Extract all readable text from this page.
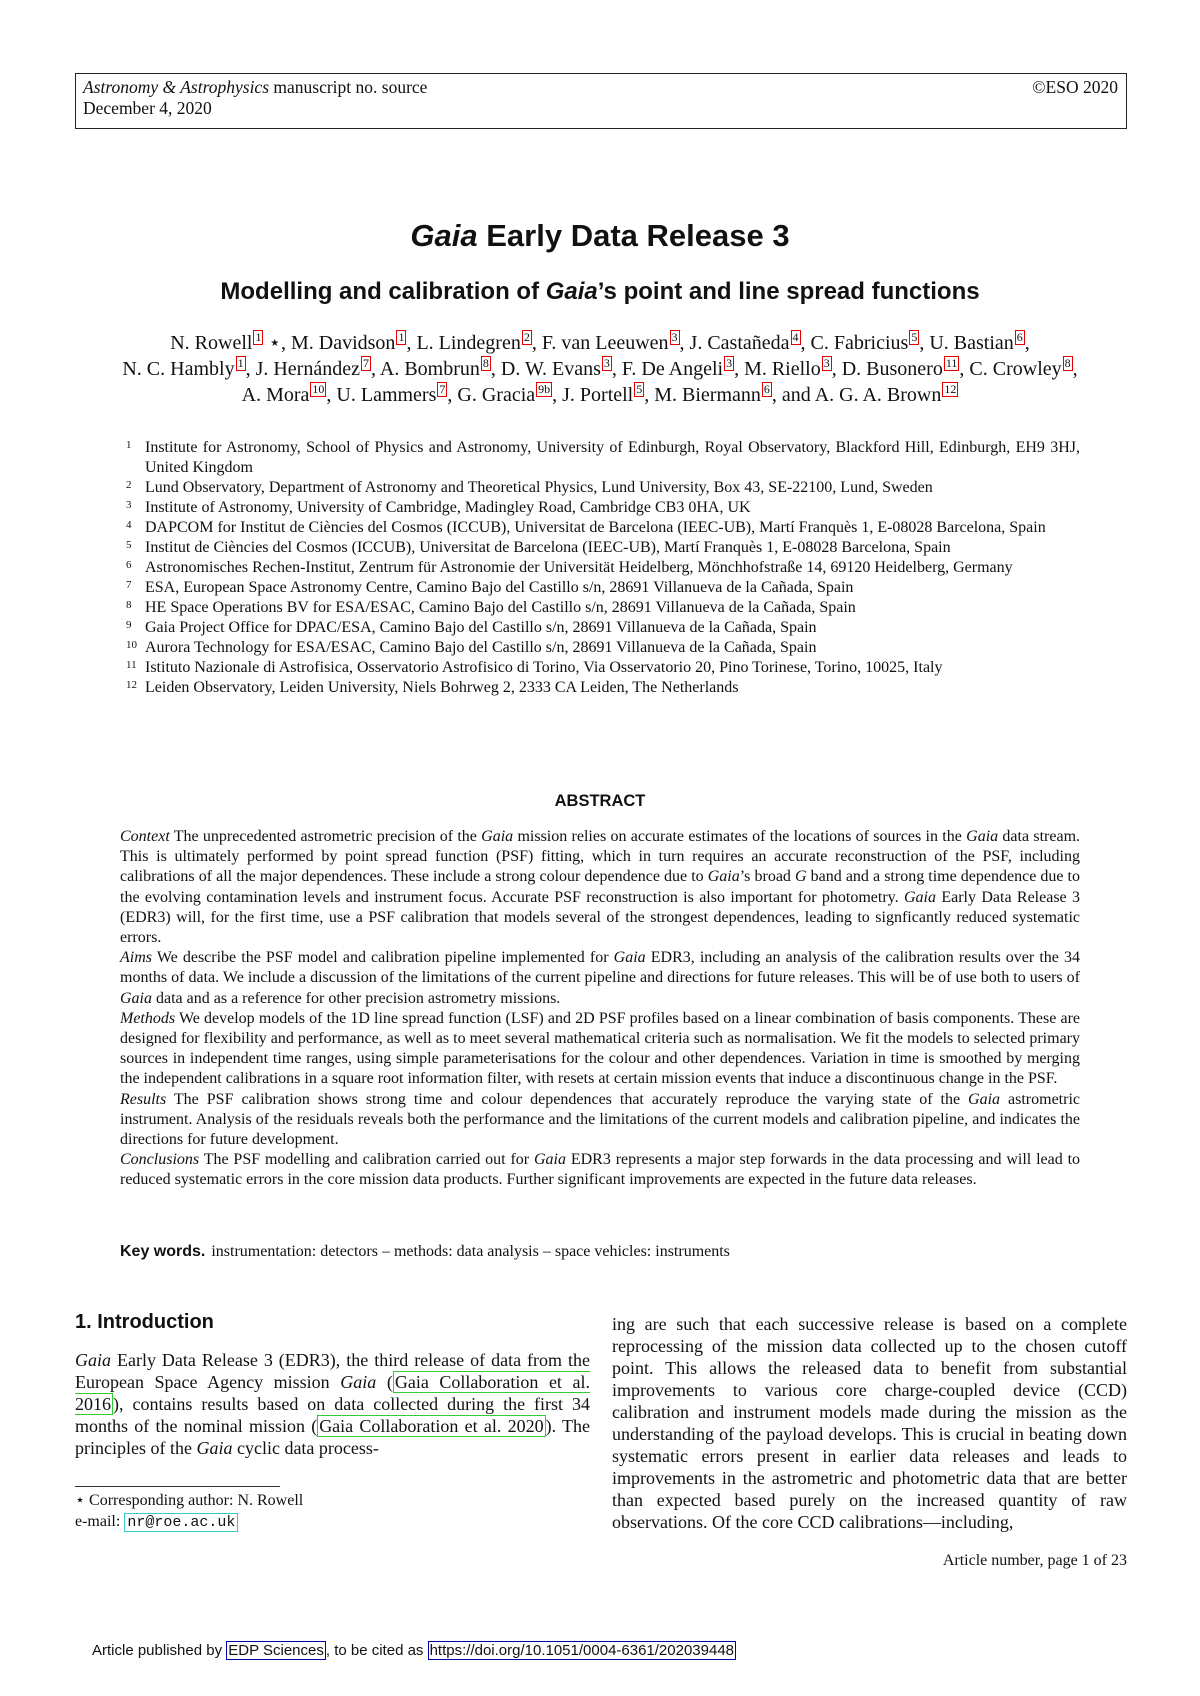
Astronomy & Astrophysics manuscript no. source
December 4, 2020
©ESO 2020
Gaia Early Data Release 3
Modelling and calibration of Gaia’s point and line spread functions
N. Rowell 1 ⋆, M. Davidson 1 , L. Lindegren 2 , F. van Leeuwen 3 , J. Castañeda 4 , C. Fabricius 5 , U. Bastian 6 ,
N. C. Hambly 1 , J. Hernández 7 , A. Bombrun 8 , D. W. Evans 3 , F. De Angeli 3 , M. Riello 3 , D. Busonero 11 , C. Crowley 8 ,
A. Mora 10 , U. Lammers 7 , G. Gracia 9b , J. Portell 5 , M. Biermann 6 , and A. G. A. Brown 12
1 Institute for Astronomy, School of Physics and Astronomy, University of Edinburgh, Royal Observatory, Blackford Hill, Edinburgh, EH9 3HJ, United Kingdom
2 Lund Observatory, Department of Astronomy and Theoretical Physics, Lund University, Box 43, SE-22100, Lund, Sweden
3 Institute of Astronomy, University of Cambridge, Madingley Road, Cambridge CB3 0HA, UK
4 DAPCOM for Institut de Ciències del Cosmos (ICCUB), Universitat de Barcelona (IEEC-UB), Martí Franquès 1, E-08028 Barcelona, Spain
5 Institut de Ciències del Cosmos (ICCUB), Universitat de Barcelona (IEEC-UB), Martí Franquès 1, E-08028 Barcelona, Spain
6 Astronomisches Rechen-Institut, Zentrum für Astronomie der Universität Heidelberg, Mönchhofstraße 14, 69120 Heidelberg, Germany
7 ESA, European Space Astronomy Centre, Camino Bajo del Castillo s/n, 28691 Villanueva de la Cañada, Spain
8 HE Space Operations BV for ESA/ESAC, Camino Bajo del Castillo s/n, 28691 Villanueva de la Cañada, Spain
9 Gaia Project Office for DPAC/ESA, Camino Bajo del Castillo s/n, 28691 Villanueva de la Cañada, Spain
10 Aurora Technology for ESA/ESAC, Camino Bajo del Castillo s/n, 28691 Villanueva de la Cañada, Spain
11 Istituto Nazionale di Astrofisica, Osservatorio Astrofisico di Torino, Via Osservatorio 20, Pino Torinese, Torino, 10025, Italy
12 Leiden Observatory, Leiden University, Niels Bohrweg 2, 2333 CA Leiden, The Netherlands
ABSTRACT

Context The unprecedented astrometric precision of the Gaia mission relies on accurate estimates of the locations of sources in the Gaia data stream. This is ultimately performed by point spread function (PSF) fitting, which in turn requires an accurate reconstruction of the PSF, including calibrations of all the major dependences. These include a strong colour dependence due to Gaia’s broad G band and a strong time dependence due to the evolving contamination levels and instrument focus. Accurate PSF reconstruction is also important for photometry. Gaia Early Data Release 3 (EDR3) will, for the first time, use a PSF calibration that models several of the strongest dependences, leading to signficantly reduced systematic errors.

Aims We describe the PSF model and calibration pipeline implemented for Gaia EDR3, including an analysis of the calibration results over the 34 months of data. We include a discussion of the limitations of the current pipeline and directions for future releases. This will be of use both to users of Gaia data and as a reference for other precision astrometry missions.

Methods We develop models of the 1D line spread function (LSF) and 2D PSF profiles based on a linear combination of basis components. These are designed for flexibility and performance, as well as to meet several mathematical criteria such as normalisation. We fit the models to selected primary sources in independent time ranges, using simple parameterisations for the colour and other dependences. Variation in time is smoothed by merging the independent calibrations in a square root information filter, with resets at certain mission events that induce a discontinuous change in the PSF.

Results The PSF calibration shows strong time and colour dependences that accurately reproduce the varying state of the Gaia astrometric instrument. Analysis of the residuals reveals both the performance and the limitations of the current models and calibration pipeline, and indicates the directions for future development.

Conclusions The PSF modelling and calibration carried out for Gaia EDR3 represents a major step forwards in the data processing and will lead to reduced systematic errors in the core mission data products. Further significant improvements are expected in the future data releases.

Key words. instrumentation: detectors – methods: data analysis – space vehicles: instruments
1. Introduction

Gaia Early Data Release 3 (EDR3), the third release of data from the European Space Agency mission Gaia ( Gaia Collaboration et al. 2016 ), contains results based on data collected during the first 34 months of the nominal mission ( Gaia Collaboration et al. 2020 ). The principles of the Gaia cyclic data process-

ing are such that each successive release is based on a complete reprocessing of the mission data collected up to the chosen cutoff point. This allows the released data to benefit from substantial improvements to various core charge-coupled device (CCD) calibration and instrument models made during the mission as the understanding of the payload develops. This is crucial in beating down systematic errors present in earlier data releases and leads to improvements in the astrometric and photometric data that are better than expected based purely on the increased quantity of raw observations. Of the core CCD calibrations—including,

⋆ Corresponding author: N. Rowell
e-mail: nr@roe.ac.uk
Article number, page 1 of 23
Article published by EDP Sciences , to be cited as https://doi.org/10.1051/0004-6361/202039448
